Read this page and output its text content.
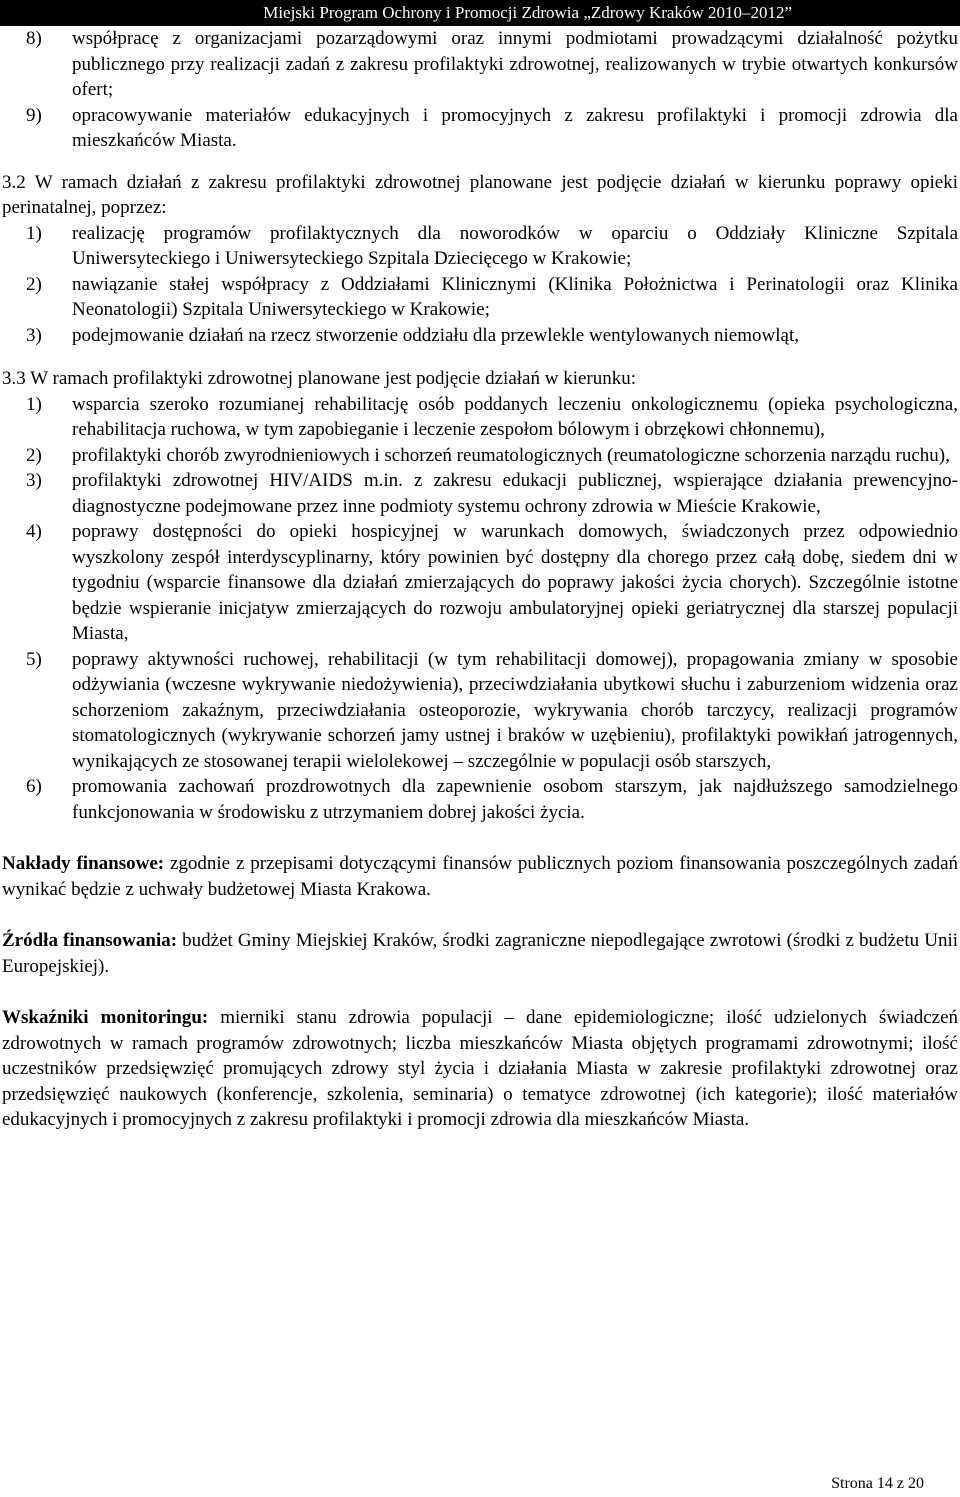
Miejski Program Ochrony i Promocji Zdrowia „Zdrowy Kraków 2010–2012”

8) współpracę z organizacjami pozarządowymi oraz innymi podmiotami prowadzącymi działalność pożytku publicznego przy realizacji zadań z zakresu profilaktyki zdrowotnej, realizowanych w trybie otwartych konkursów ofert;

9) opracowywanie materiałów edukacyjnych i promocyjnych z zakresu profilaktyki i promocji zdrowia dla mieszkańców Miasta.

3.2 W ramach działań z zakresu profilaktyki zdrowotnej planowane jest podjęcie działań w kierunku poprawy opieki perinatalnej, poprzez:

1) realizację programów profilaktycznych dla noworodków w oparciu o Oddziały Kliniczne Szpitala Uniwersyteckiego i Uniwersyteckiego Szpitala Dziecięcego w Krakowie;

2) nawiązanie stałej współpracy z Oddziałami Klinicznymi (Klinika Położnictwa i Perinatologii oraz Klinika Neonatologii) Szpitala Uniwersyteckiego w Krakowie;

3) podejmowanie działań na rzecz stworzenie oddziału dla przewlekle wentylowanych niemowląt,

3.3 W ramach profilaktyki zdrowotnej planowane jest podjęcie działań w kierunku:

1) wsparcia szeroko rozumianej rehabilitację osób poddanych leczeniu onkologicznemu (opieka psychologiczna, rehabilitacja ruchowa, w tym zapobieganie i leczenie zespołom bólowym i obrzękowi chłonnemu),

2) profilaktyki chorób zwyrodnieniowych i schorzeń reumatologicznych (reumatologiczne schorzenia narządu ruchu),

3) profilaktyki zdrowotnej HIV/AIDS m.in. z zakresu edukacji publicznej, wspierające działania prewencyjno-diagnostyczne podejmowane przez inne podmioty systemu ochrony zdrowia w Mieście Krakowie,

4) poprawy dostępności do opieki hospicyjnej w warunkach domowych, świadczonych przez odpowiednio wyszkolony zespół interdyscyplinarny, który powinien być dostępny dla chorego przez całą dobę, siedem dni w tygodniu (wsparcie finansowe dla działań zmierzających do poprawy jakości życia chorych). Szczególnie istotne będzie wspieranie inicjatyw zmierzających do rozwoju ambulatoryjnej opieki geriatrycznej dla starszej populacji Miasta,

5) poprawy aktywności ruchowej, rehabilitacji (w tym rehabilitacji domowej), propagowania zmiany w sposobie odżywiania (wczesne wykrywanie niedożywienia), przeciwdziałania ubytkowi słuchu i zaburzeniom widzenia oraz schorzeniom zakaźnym, przeciwdziałania osteoporozie, wykrywania chorób tarczycy, realizacji programów stomatologicznych (wykrywanie schorzeń jamy ustnej i braków w uzębieniu), profilaktyki powikłań jatrogennych, wynikających ze stosowanej terapii wielolekowej – szczególnie w populacji osób starszych,

6) promowania zachowań prozdrowotnych dla zapewnienie osobom starszym, jak najdłuższego samodzielnego funkcjonowania w środowisku z utrzymaniem dobrej jakości życia.

Nakłady finansowe: zgodnie z przepisami dotyczącymi finansów publicznych poziom finansowania poszczególnych zadań wynikać będzie z uchwały budżetowej Miasta Krakowa.

Źródła finansowania: budżet Gminy Miejskiej Kraków, środki zagraniczne niepodlegające zwrotowi (środki z budżetu Unii Europejskiej).

Wskaźniki monitoringu: mierniki stanu zdrowia populacji – dane epidemiologiczne; ilość udzielonych świadczeń zdrowotnych w ramach programów zdrowotnych; liczba mieszkańców Miasta objętych programami zdrowotnymi; ilość uczestników przedsięwzięć promujących zdrowy styl życia i działania Miasta w zakresie profilaktyki zdrowotnej oraz przedsięwzięć naukowych (konferencje, szkolenia, seminaria) o tematyce zdrowotnej (ich kategorie); ilość materiałów edukacyjnych i promocyjnych z zakresu profilaktyki i promocji zdrowia dla mieszkańców Miasta.

Strona 14 z 20
